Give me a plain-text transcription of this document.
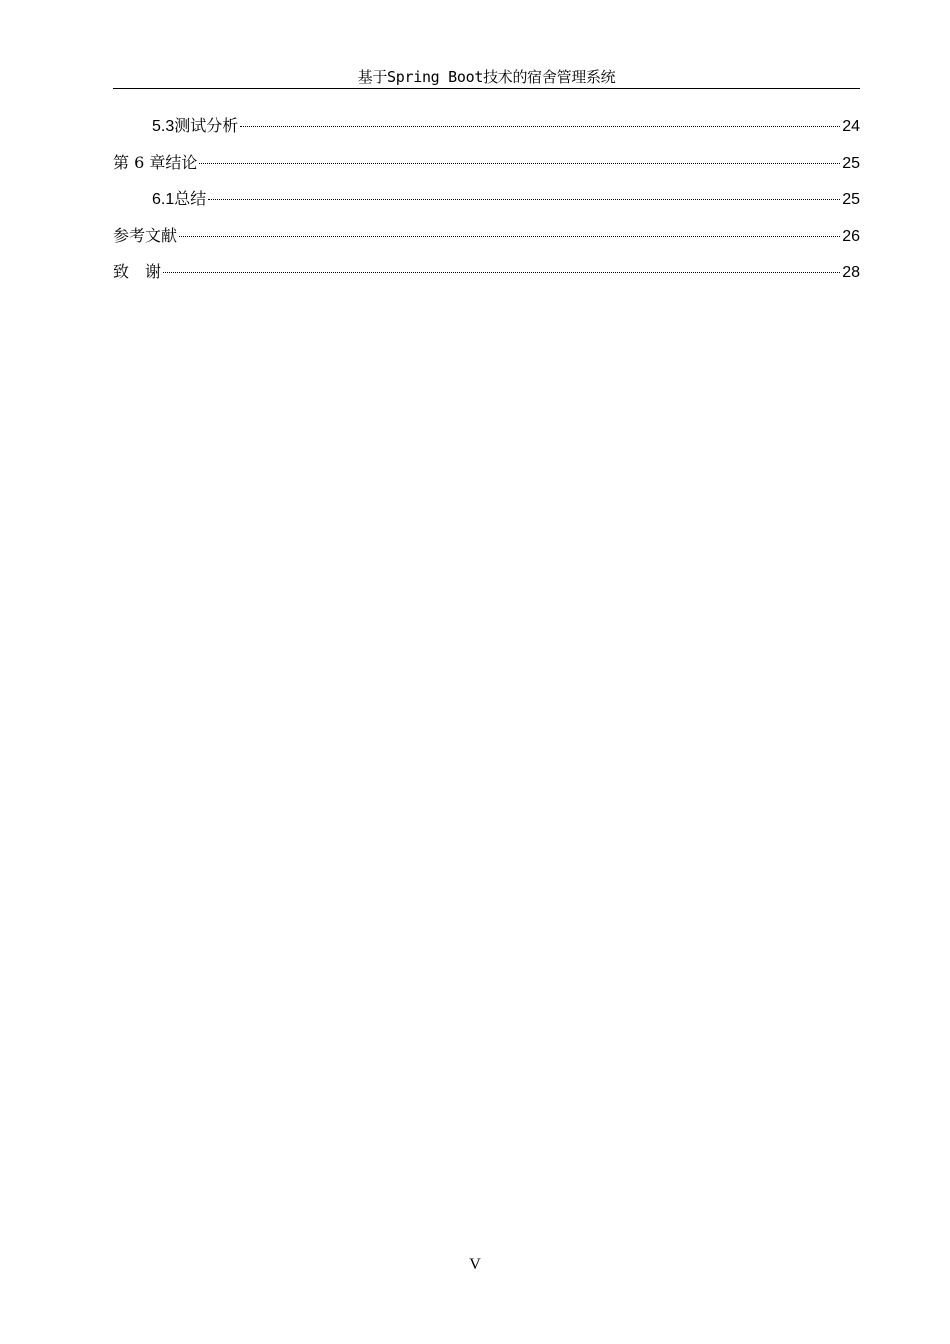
基于Spring Boot技术的宿舍管理系统
5.3 测试分析	24
第 6 章 结论	25
6.1 总结	25
参考文献	26
致　谢	28
V
